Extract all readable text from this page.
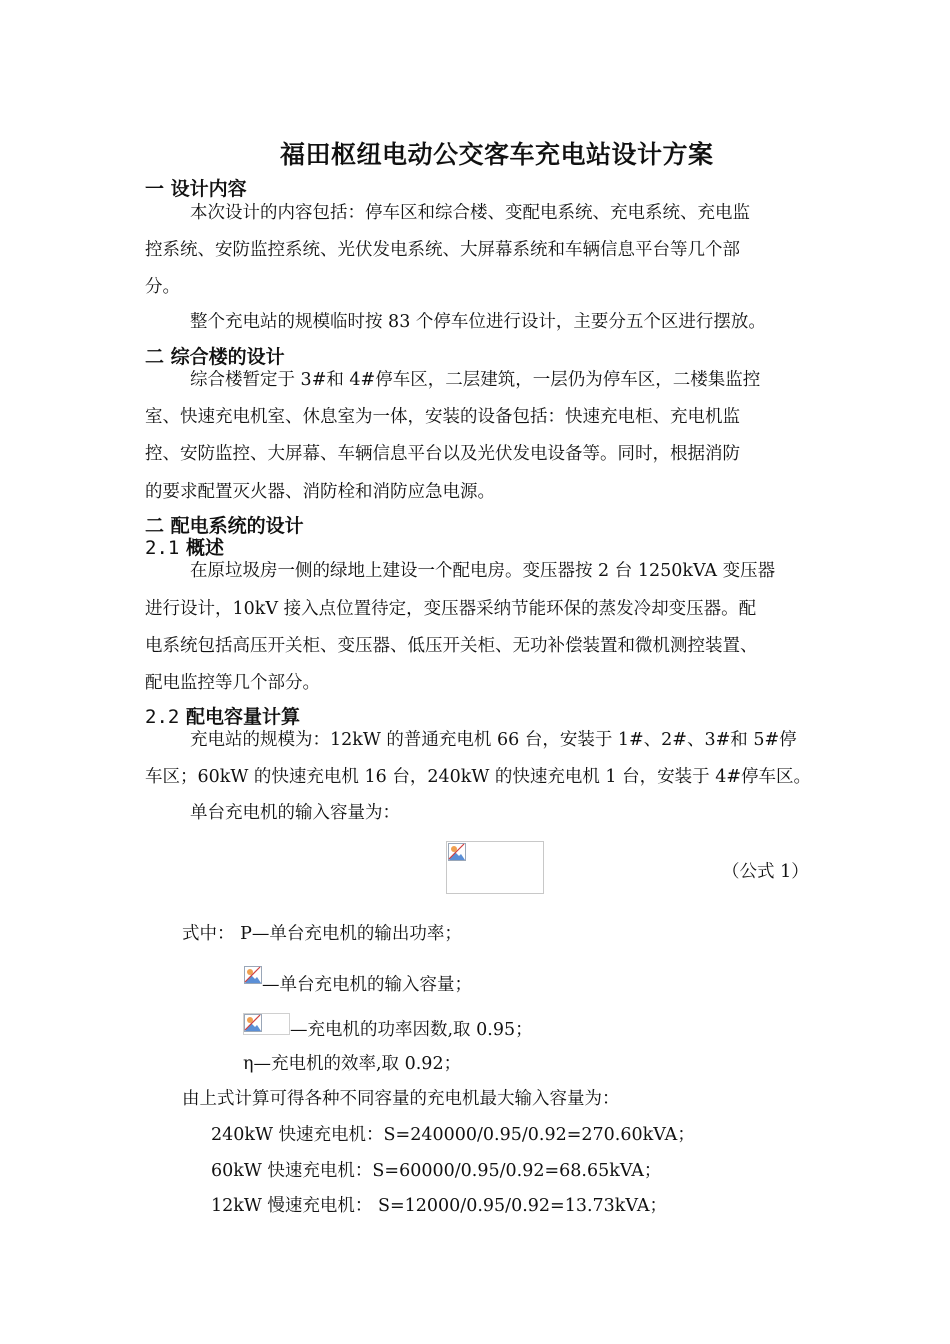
福田枢纽电动公交客车充电站设计方案
一 设计内容
本次设计的内容包括：停车区和综合楼、变配电系统、充电系统、充电监
控系统、安防监控系统、光伏发电系统、大屏幕系统和车辆信息平台等几个部
分。
整个充电站的规模临时按 83 个停车位进行设计，主要分五个区进行摆放。
二 综合楼的设计
综合楼暂定于 3#和 4#停车区，二层建筑，一层仍为停车区，二楼集监控
室、快速充电机室、休息室为一体，安装的设备包括：快速充电柜、充电机监
控、安防监控、大屏幕、车辆信息平台以及光伏发电设备等。同时，根据消防
的要求配置灭火器、消防栓和消防应急电源。
二 配电系统的设计
2.1 概述
在原垃圾房一侧的绿地上建设一个配电房。变压器按 2 台 1250kVA 变压器
进行设计，10kV 接入点位置待定，变压器采纳节能环保的蒸发冷却变压器。配
电系统包括高压开关柜、变压器、低压开关柜、无功补偿装置和微机测控装置、
配电监控等几个部分。
2.2 配电容量计算
充电站的规模为：12kW 的普通充电机 66 台，安装于 1#、2#、3#和 5#停
车区；60kW 的快速充电机 16 台，240kW 的快速充电机 1 台，安装于 4#停车区。
单台充电机的输入容量为：
（公式 1）
式中： P—单台充电机的输出功率；
—单台充电机的输入容量；
—充电机的功率因数,取 0.95；
η—充电机的效率,取 0.92；
由上式计算可得各种不同容量的充电机最大输入容量为：
240kW 快速充电机：S=240000/0.95/0.92=270.60kVA；
60kW 快速充电机：S=60000/0.95/0.92=68.65kVA；
12kW 慢速充电机： S=12000/0.95/0.92=13.73kVA；
